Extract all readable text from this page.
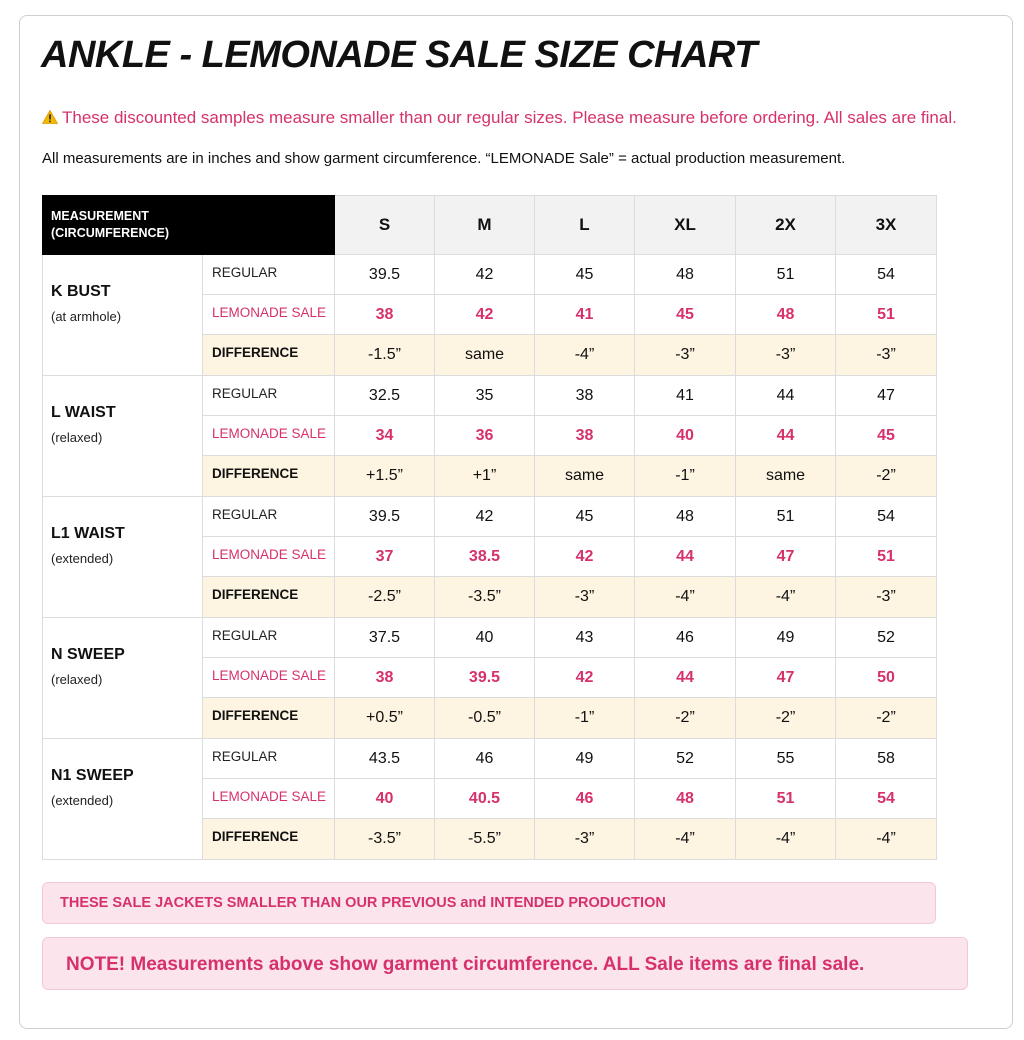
ANKLE - LEMONADE SALE SIZE CHART
These discounted samples measure smaller than our regular sizes. Please measure before ordering. All sales are final.
All measurements are in inches and show garment circumference. “LEMONADE Sale” = actual production measurement.
MEASUREMENT
(CIRCUMFERENCE)		S	M	L	XL	2X	3X

K BUST
(at armhole)	REGULAR	39.5	42	45	48	51	54
	LEMONADE SALE	38	42	41	45	48	51
	DIFFERENCE	-1.5”	same	-4”	-3”	-3”	-3”

L WAIST
(relaxed)	REGULAR	32.5	35	38	41	44	47
	LEMONADE SALE	34	36	38	40	44	45
	DIFFERENCE	+1.5”	+1”	same	-1”	same	-2”

L1 WAIST
(extended)	REGULAR	39.5	42	45	48	51	54
	LEMONADE SALE	37	38.5	42	44	47	51
	DIFFERENCE	-2.5”	-3.5”	-3”	-4”	-4”	-3”

N SWEEP
(relaxed)	REGULAR	37.5	40	43	46	49	52
	LEMONADE SALE	38	39.5	42	44	47	50
	DIFFERENCE	+0.5”	-0.5”	-1”	-2”	-2”	-2”

N1 SWEEP
(extended)	REGULAR	43.5	46	49	52	55	58
	LEMONADE SALE	40	40.5	46	48	51	54
	DIFFERENCE	-3.5”	-5.5”	-3”	-4”	-4”	-4”
THESE SALE JACKETS SMALLER THAN OUR PREVIOUS and INTENDED PRODUCTION
NOTE! Measurements above show garment circumference. ALL Sale items are final sale.
